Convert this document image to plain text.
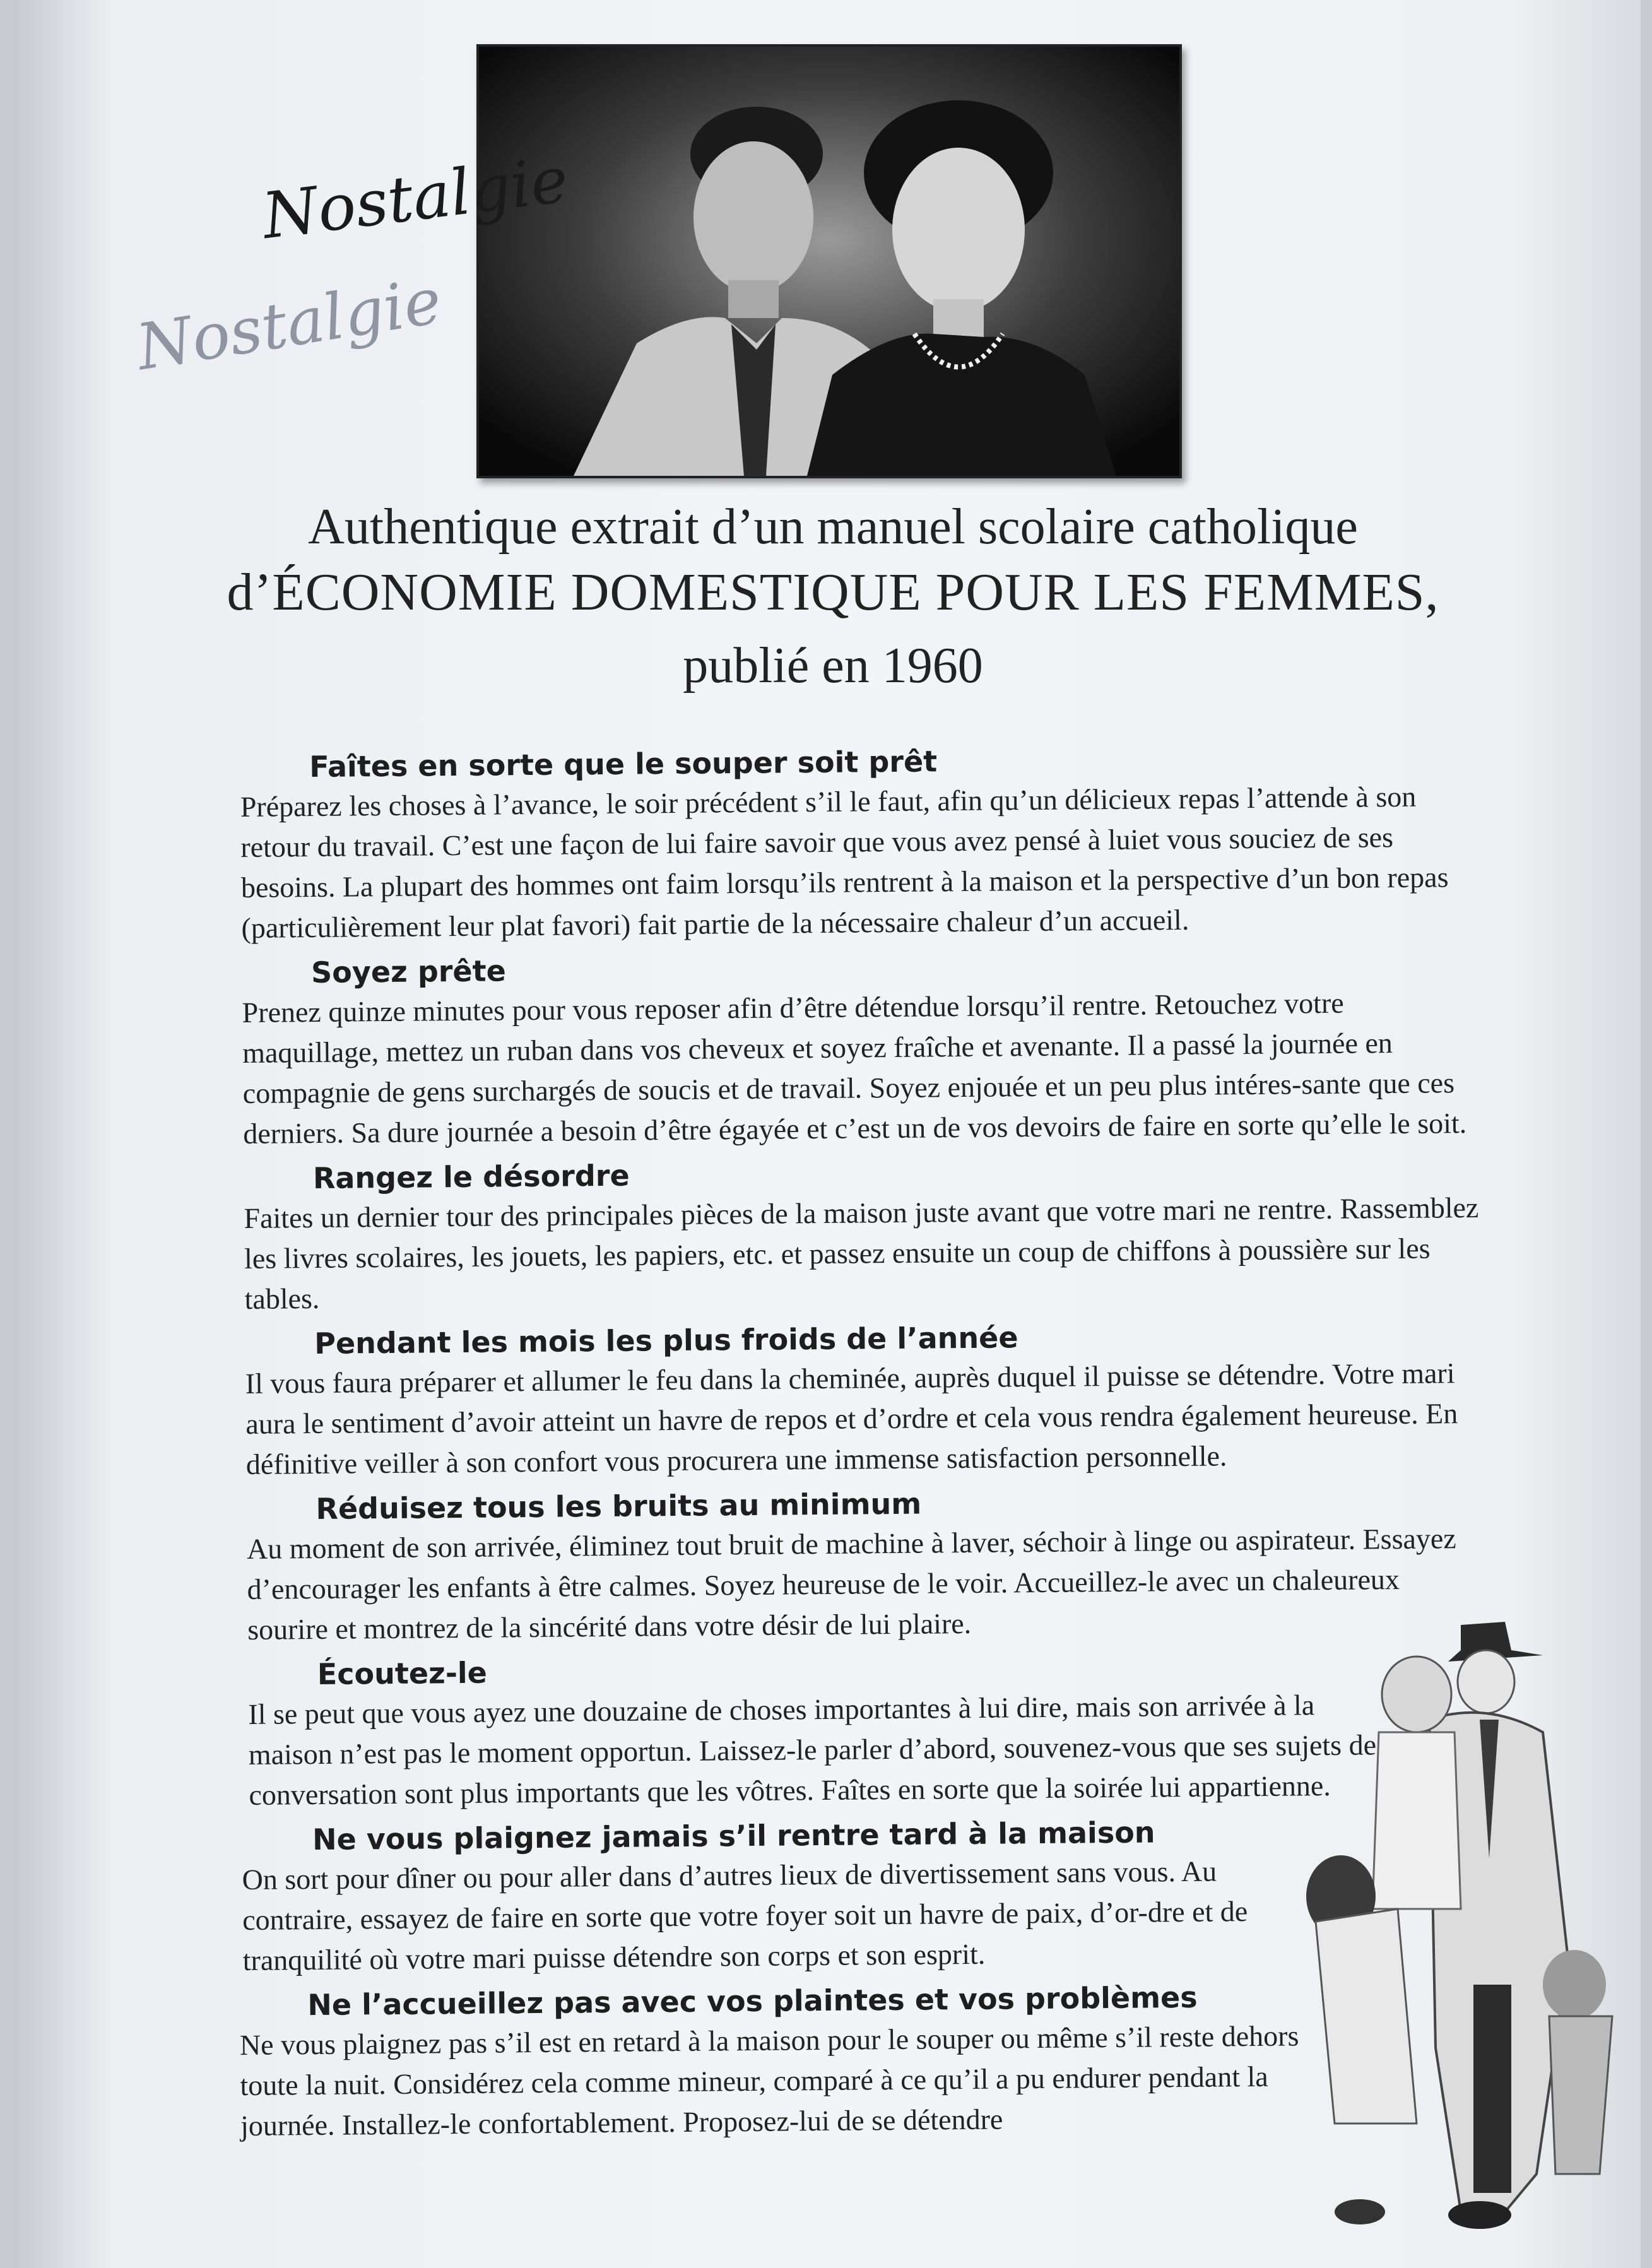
Nostalgie
Nostalgie
Authentique extrait d’un manuel scolaire catholique
d’ÉCONOMIE DOMESTIQUE POUR LES FEMMES,
publié en 1960
Faîtes en sorte que le souper soit prêt

Préparez les choses à l’avance, le soir précédent s’il le faut, afin qu’un délicieux repas l’attende à son retour du travail. C’est une façon de lui faire savoir que vous avez pensé à luiet vous souciez de ses besoins. La plupart des hommes ont faim lorsqu’ils rentrent à la maison et la perspective d’un bon repas (particulièrement leur plat favori) fait partie de la nécessaire chaleur d’un accueil.

Soyez prête

Prenez quinze minutes pour vous reposer afin d’être détendue lorsqu’il rentre. Retouchez votre maquillage, mettez un ruban dans vos cheveux et soyez fraîche et avenante. Il a passé la journée en compagnie de gens surchargés de soucis et de travail. Soyez enjouée et un peu plus intéres-sante que ces derniers. Sa dure journée a besoin d’être égayée et c’est un de vos devoirs de faire en sorte qu’elle le soit.

Rangez le désordre

Faites un dernier tour des principales pièces de la maison juste avant que votre mari ne rentre. Rassemblez les livres scolaires, les jouets, les papiers, etc. et passez ensuite un coup de chiffons à poussière sur les tables.

Pendant les mois les plus froids de l’année

Il vous faura préparer et allumer le feu dans la cheminée, auprès duquel il puisse se détendre. Votre mari aura le sentiment d’avoir atteint un havre de repos et d’ordre et cela vous rendra également heureuse. En définitive veiller à son confort vous procurera une immense satisfaction personnelle.

Réduisez tous les bruits au minimum

Au moment de son arrivée, éliminez tout bruit de machine à laver, séchoir à linge ou aspirateur. Essayez d’encourager les enfants à être calmes. Soyez heureuse de le voir. Accueillez-le avec un chaleureux sourire et montrez de la sincérité dans votre désir de lui plaire.

Écoutez-le

Il se peut que vous ayez une douzaine de choses importantes à lui dire, mais son arrivée à la maison n’est pas le moment opportun. Laissez-le parler d’abord, souvenez-vous que ses sujets de conversation sont plus importants que les vôtres. Faîtes en sorte que la soirée lui appartienne.

Ne vous plaignez jamais s’il rentre tard à la maison

On sort pour dîner ou pour aller dans d’autres lieux de divertissement sans vous. Au contraire, essayez de faire en sorte que votre foyer soit un havre de paix, d’or-dre et de tranquilité où votre mari puisse détendre son corps et son esprit.

Ne l’accueillez pas avec vos plaintes et vos problèmes

Ne vous plaignez pas s’il est en retard à la maison pour le souper ou même s’il reste dehors toute la nuit. Considérez cela comme mineur, comparé à ce qu’il a pu endurer pendant la journée. Installez-le confortablement. Proposez-lui de se détendre
